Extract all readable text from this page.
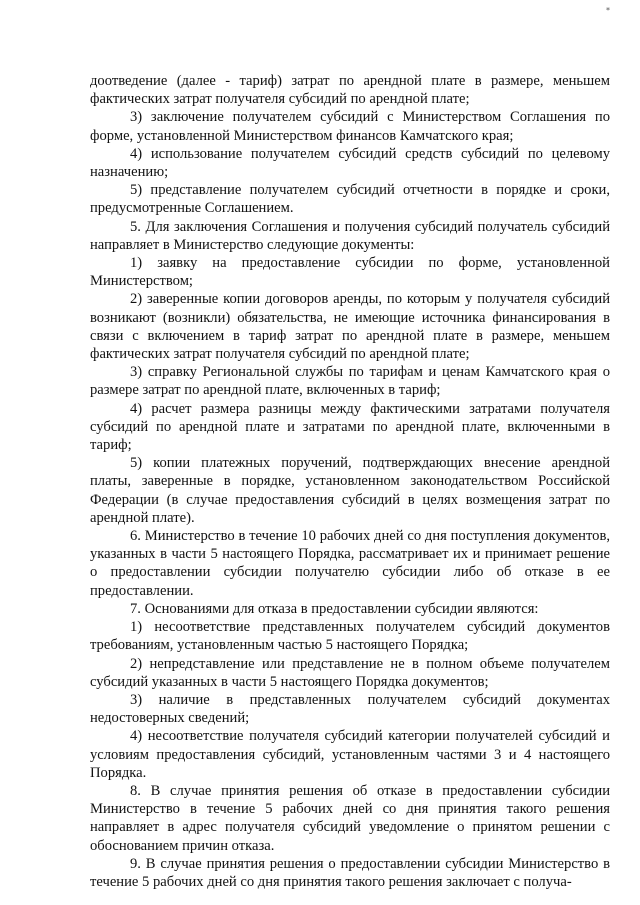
*

доотведение (далее - тариф) затрат по арендной плате в размере, меньшем фактических затрат получателя субсидий по арендной плате;

3) заключение получателем субсидий с Министерством Соглашения по форме, установленной Министерством финансов Камчатского края;

4) использование получателем субсидий средств субсидий по целевому назначению;

5) представление получателем субсидий отчетности в порядке и сроки, предусмотренные Соглашением.

5. Для заключения Соглашения и получения субсидий получатель субсидий направляет в Министерство следующие документы:

1) заявку на предоставление субсидии по форме, установленной Министерством;

2) заверенные копии договоров аренды, по которым у получателя субсидий возникают (возникли) обязательства, не имеющие источника финансирования в связи с включением в тариф затрат по арендной плате в размере, меньшем фактических затрат получателя субсидий по арендной плате;

3) справку Региональной службы по тарифам и ценам Камчатского края о размере затрат по арендной плате, включенных в тариф;

4) расчет размера разницы между фактическими затратами получателя субсидий по арендной плате и затратами по арендной плате, включенными в тариф;

5) копии платежных поручений, подтверждающих внесение арендной платы, заверенные в порядке, установленном законодательством Российской Федерации (в случае предоставления субсидий в целях возмещения затрат по арендной плате).

6. Министерство в течение 10 рабочих дней со дня поступления документов, указанных в части 5 настоящего Порядка, рассматривает их и принимает решение о предоставлении субсидии получателю субсидии либо об отказе в ее предоставлении.

7. Основаниями для отказа в предоставлении субсидии являются:

1) несоответствие представленных получателем субсидий документов требованиям, установленным частью 5 настоящего Порядка;

2) непредставление или представление не в полном объеме получателем субсидий указанных в части 5 настоящего Порядка документов;

3) наличие в представленных получателем субсидий документах недостоверных сведений;

4) несоответствие получателя субсидий категории получателей субсидий и условиям предоставления субсидий, установленным частями 3 и 4 настоящего Порядка.

8. В случае принятия решения об отказе в предоставлении субсидии Министерство в течение 5 рабочих дней со дня принятия такого решения направляет в адрес получателя субсидий уведомление о принятом решении с обоснованием причин отказа.

9. В случае принятия решения о предоставлении субсидии Министерство в течение 5 рабочих дней со дня принятия такого решения заключает с получа-
